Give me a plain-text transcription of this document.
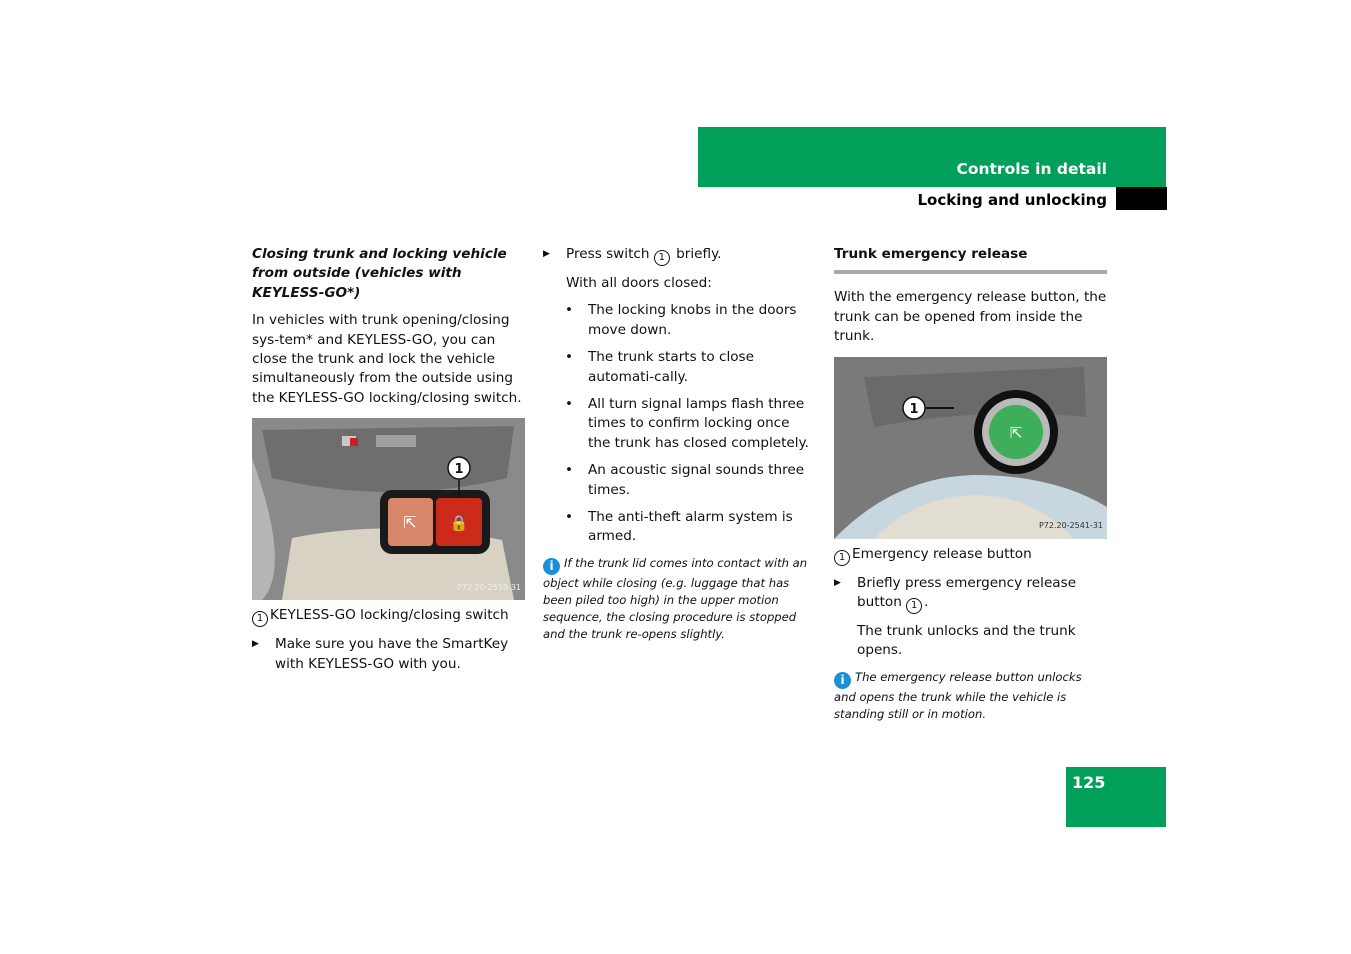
Controls in detail
Locking and unlocking
125

Closing trunk and locking vehicle from outside (vehicles with KEYLESS-GO*)

In vehicles with trunk opening/closing sys-tem* and KEYLESS-GO, you can close the trunk and lock the vehicle simultaneously from the outside using the KEYLESS-GO locking/closing switch.

⇱ 🔒
1
P72.20-2559-31

1 KEYLESS-GO locking/closing switch

▶ Make sure you have the SmartKey with KEYLESS-GO with you.

▶ Press switch 1 briefly.

With all doors closed:

• The locking knobs in the doors move down.

• The trunk starts to close automati-cally.

• All turn signal lamps flash three times to confirm locking once the trunk has closed completely.

• An acoustic signal sounds three times.

• The anti-theft alarm system is armed.

i If the trunk lid comes into contact with an object while closing (e.g. luggage that has been piled too high) in the upper motion sequence, the closing procedure is stopped and the trunk re-opens slightly.

Trunk emergency release

With the emergency release button, the trunk can be opened from inside the trunk.

⇱
1
P72.20-2541-31

1 Emergency release button

▶ Briefly press emergency release button 1 .

The trunk unlocks and the trunk opens.

i The emergency release button unlocks and opens the trunk while the vehicle is standing still or in motion.
